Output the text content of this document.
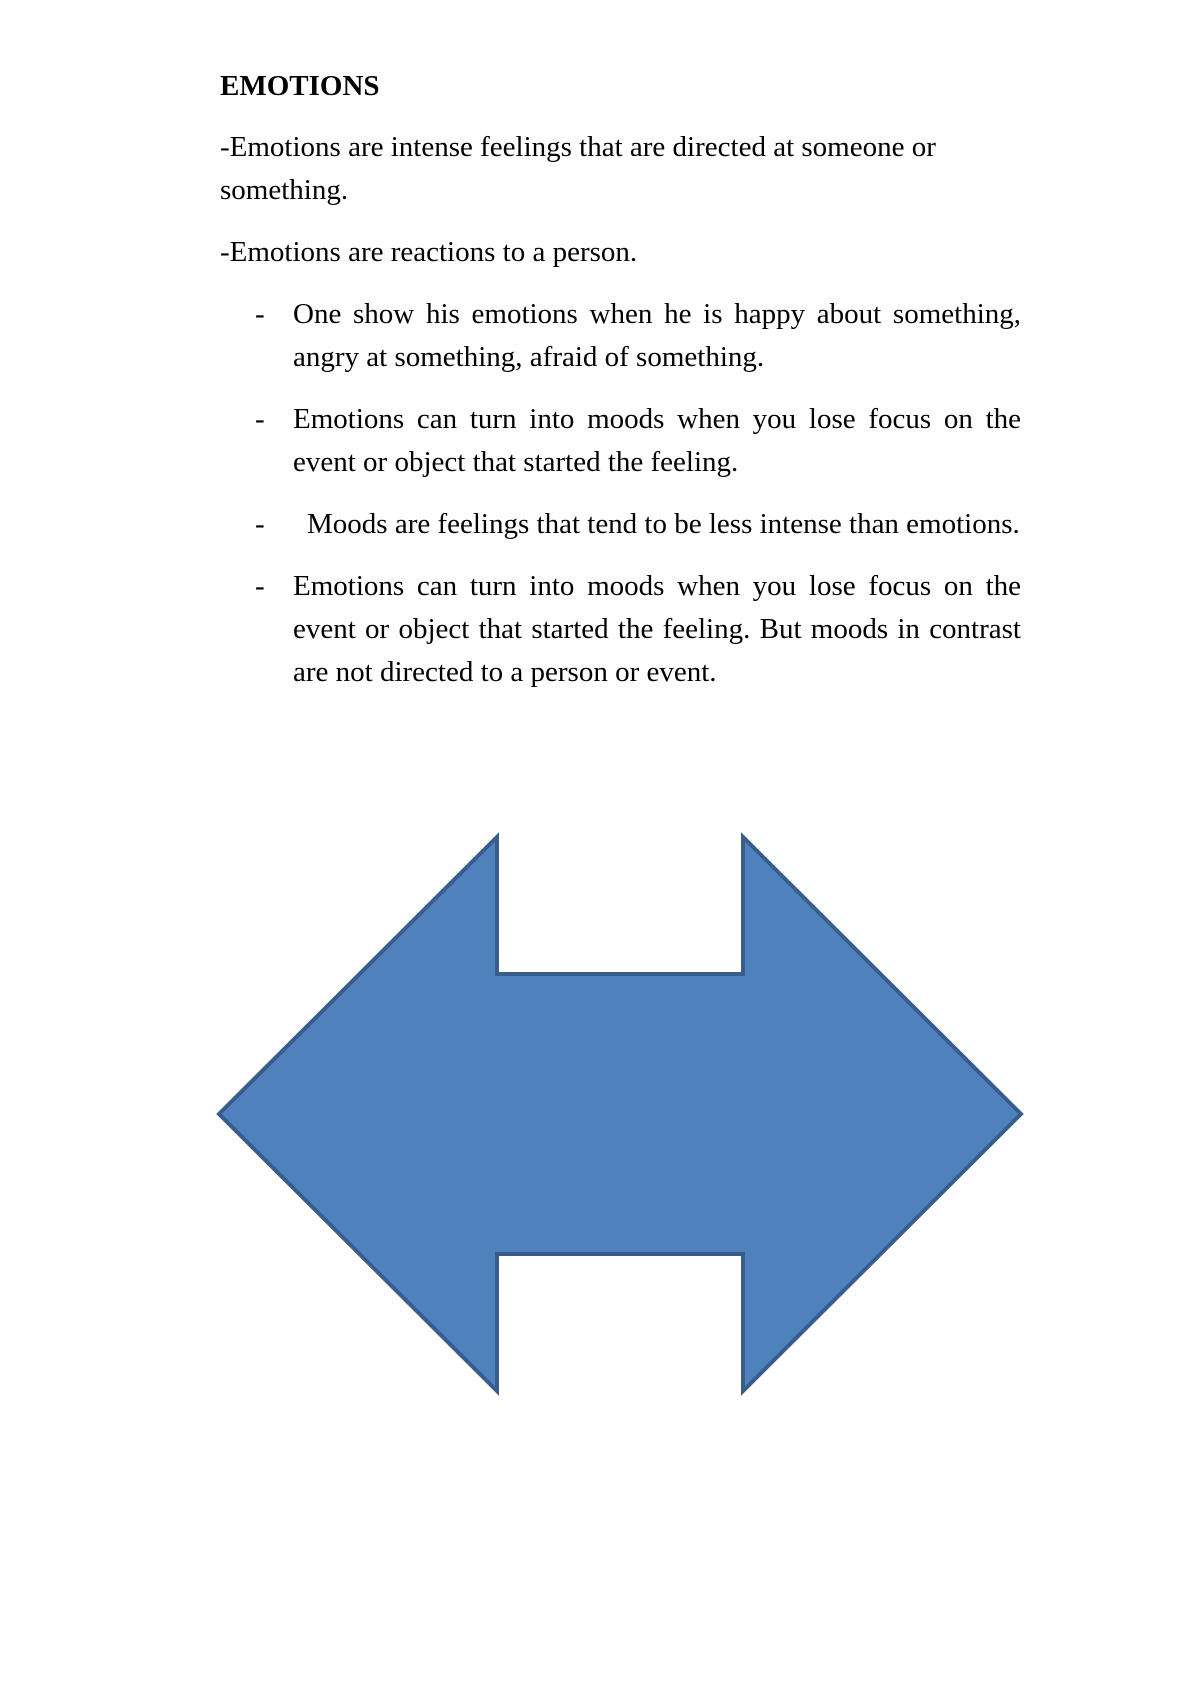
EMOTIONS

-Emotions are intense feelings that are directed at someone or something.

-Emotions are reactions to a person.

- One show his emotions when he is happy about something, angry at something, afraid of something.
- Emotions can turn into moods when you lose focus on the event or object that started the feeling.
- Moods are feelings that tend to be less intense than emotions.
- Emotions can turn into moods when you lose focus on the event or object that started the feeling. But moods in contrast are not directed to a person or event.
